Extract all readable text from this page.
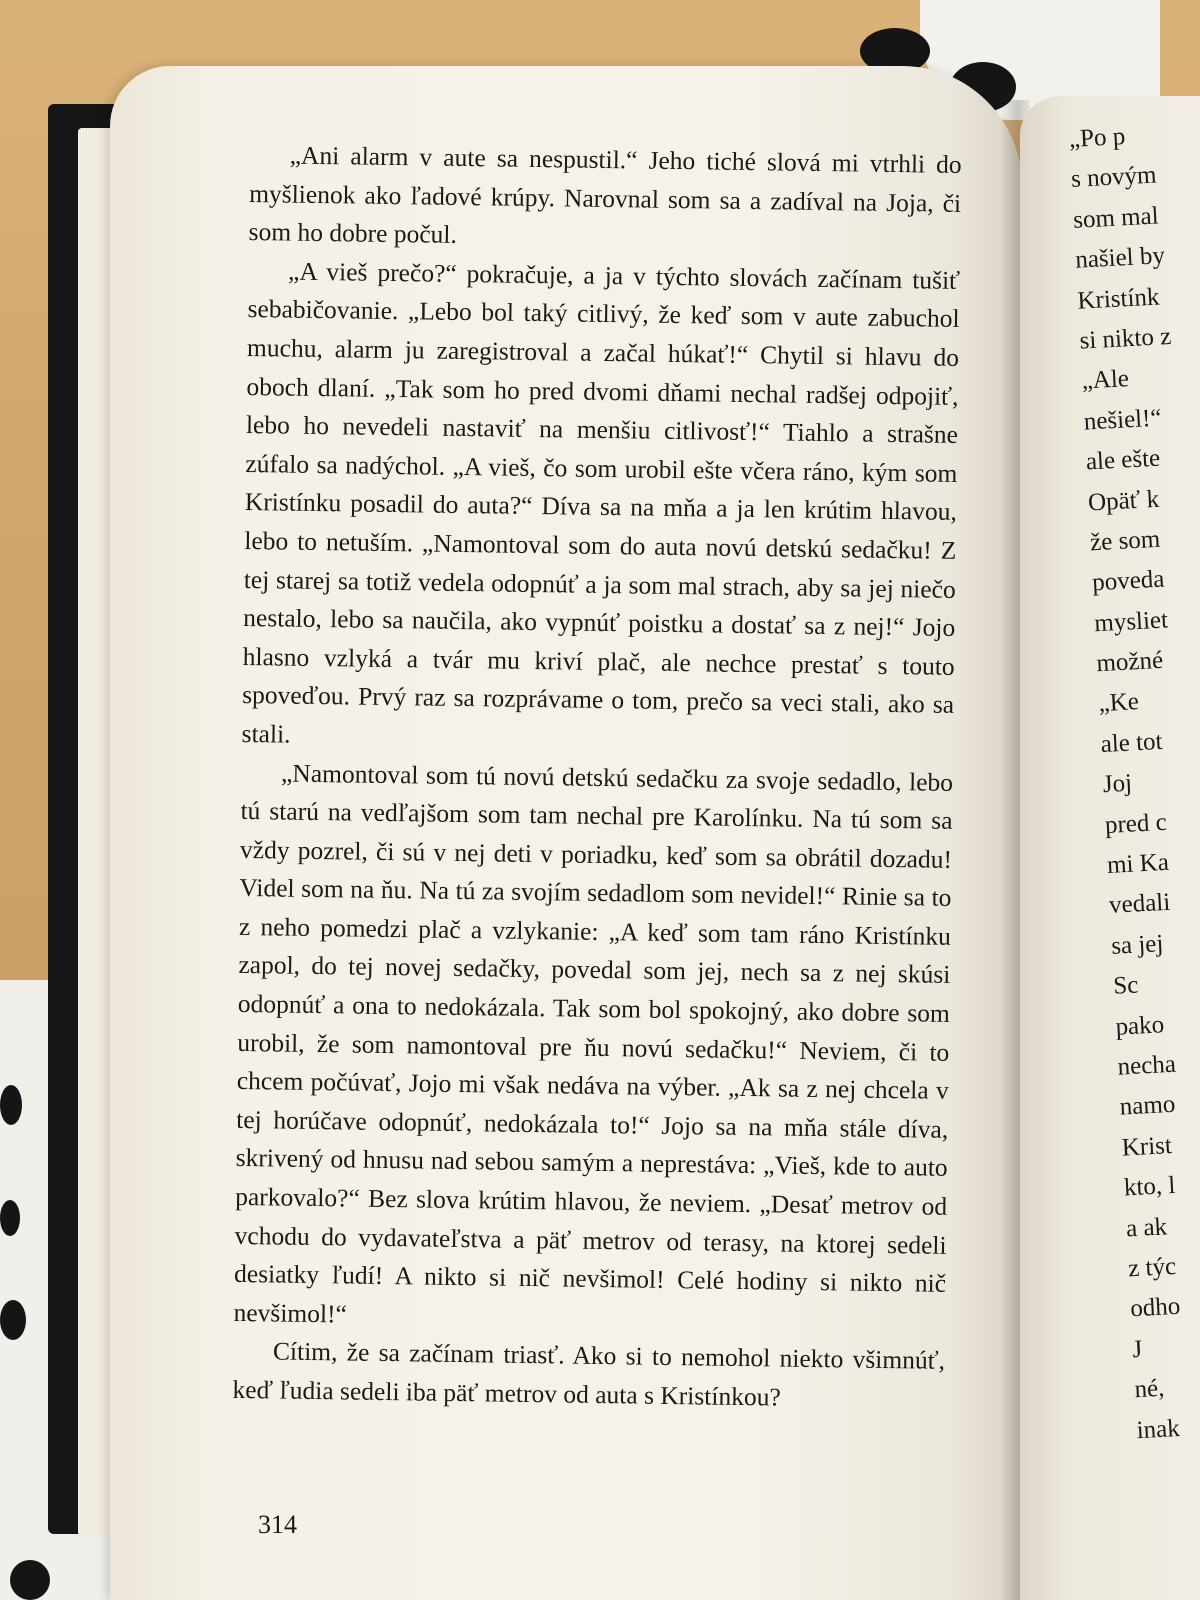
„Ani alarm v aute sa nespustil.“ Jeho tiché slová mi vtrhli do myšlienok ako ľadové krúpy. Narovnal som sa a zadíval na Joja, či som ho dobre počul.

„A vieš prečo?“ pokračuje, a ja v týchto slovách začínam tušiť sebabičovanie. „Lebo bol taký citlivý, že keď som v aute zabuchol muchu, alarm ju zaregistroval a začal húkať!“ Chytil si hlavu do oboch dlaní. „Tak som ho pred dvomi dňami nechal radšej odpojiť, lebo ho nevedeli nastaviť na menšiu citlivosť!“ Tiahlo a strašne zúfalo sa nadýchol. „A vieš, čo som urobil ešte včera ráno, kým som Kristínku posadil do auta?“ Díva sa na mňa a ja len krútim hlavou, lebo to netuším. „Namontoval som do auta novú detskú sedačku! Z tej starej sa totiž vedela odopnúť a ja som mal strach, aby sa jej niečo nestalo, lebo sa naučila, ako vypnúť poistku a dostať sa z nej!“ Jojo hlasno vzlyká a tvár mu kriví plač, ale nechce prestať s touto spoveďou. Prvý raz sa rozprávame o tom, prečo sa veci stali, ako sa stali.

„Namontoval som tú novú detskú sedačku za svoje sedadlo, lebo tú starú na vedľajšom som tam nechal pre Karolínku. Na tú som sa vždy pozrel, či sú v nej deti v poriadku, keď som sa obrátil dozadu! Videl som na ňu. Na tú za svojím sedadlom som nevidel!“ Rinie sa to z neho pomedzi plač a vzlykanie: „A keď som tam ráno Kristínku zapol, do tej novej sedačky, povedal som jej, nech sa z nej skúsi odopnúť a ona to nedokázala. Tak som bol spokojný, ako dobre som urobil, že som namontoval pre ňu novú sedačku!“ Neviem, či to chcem počúvať, Jojo mi však nedáva na výber. „Ak sa z nej chcela v tej horúčave odopnúť, nedokázala to!“ Jojo sa na mňa stále díva, skrivený od hnusu nad sebou samým a neprestáva: „Vieš, kde to auto parkovalo?“ Bez slova krútim hlavou, že neviem. „Desať metrov od vchodu do vydavateľstva a päť metrov od terasy, na ktorej sedeli desiatky ľudí! A nikto si nič nevšimol! Celé hodiny si nikto nič nevšimol!“

Cítim, že sa začínam triasť. Ako si to nemohol niekto všimnúť, keď ľudia sedeli iba päť metrov od auta s Kristínkou?

314
„Po p
s novým
som mal
našiel by
Kristínk
si nikto z
„Ale
nešiel!“
ale ešte
Opäť k
že som
poveda
mysliet
možné
„Ke
ale tot
Joj
pred c
mi Ka
vedali
sa jej
Sc
pako
necha
namo
Krist
kto, l
a ak
z týc
odho
J
né,
inak
